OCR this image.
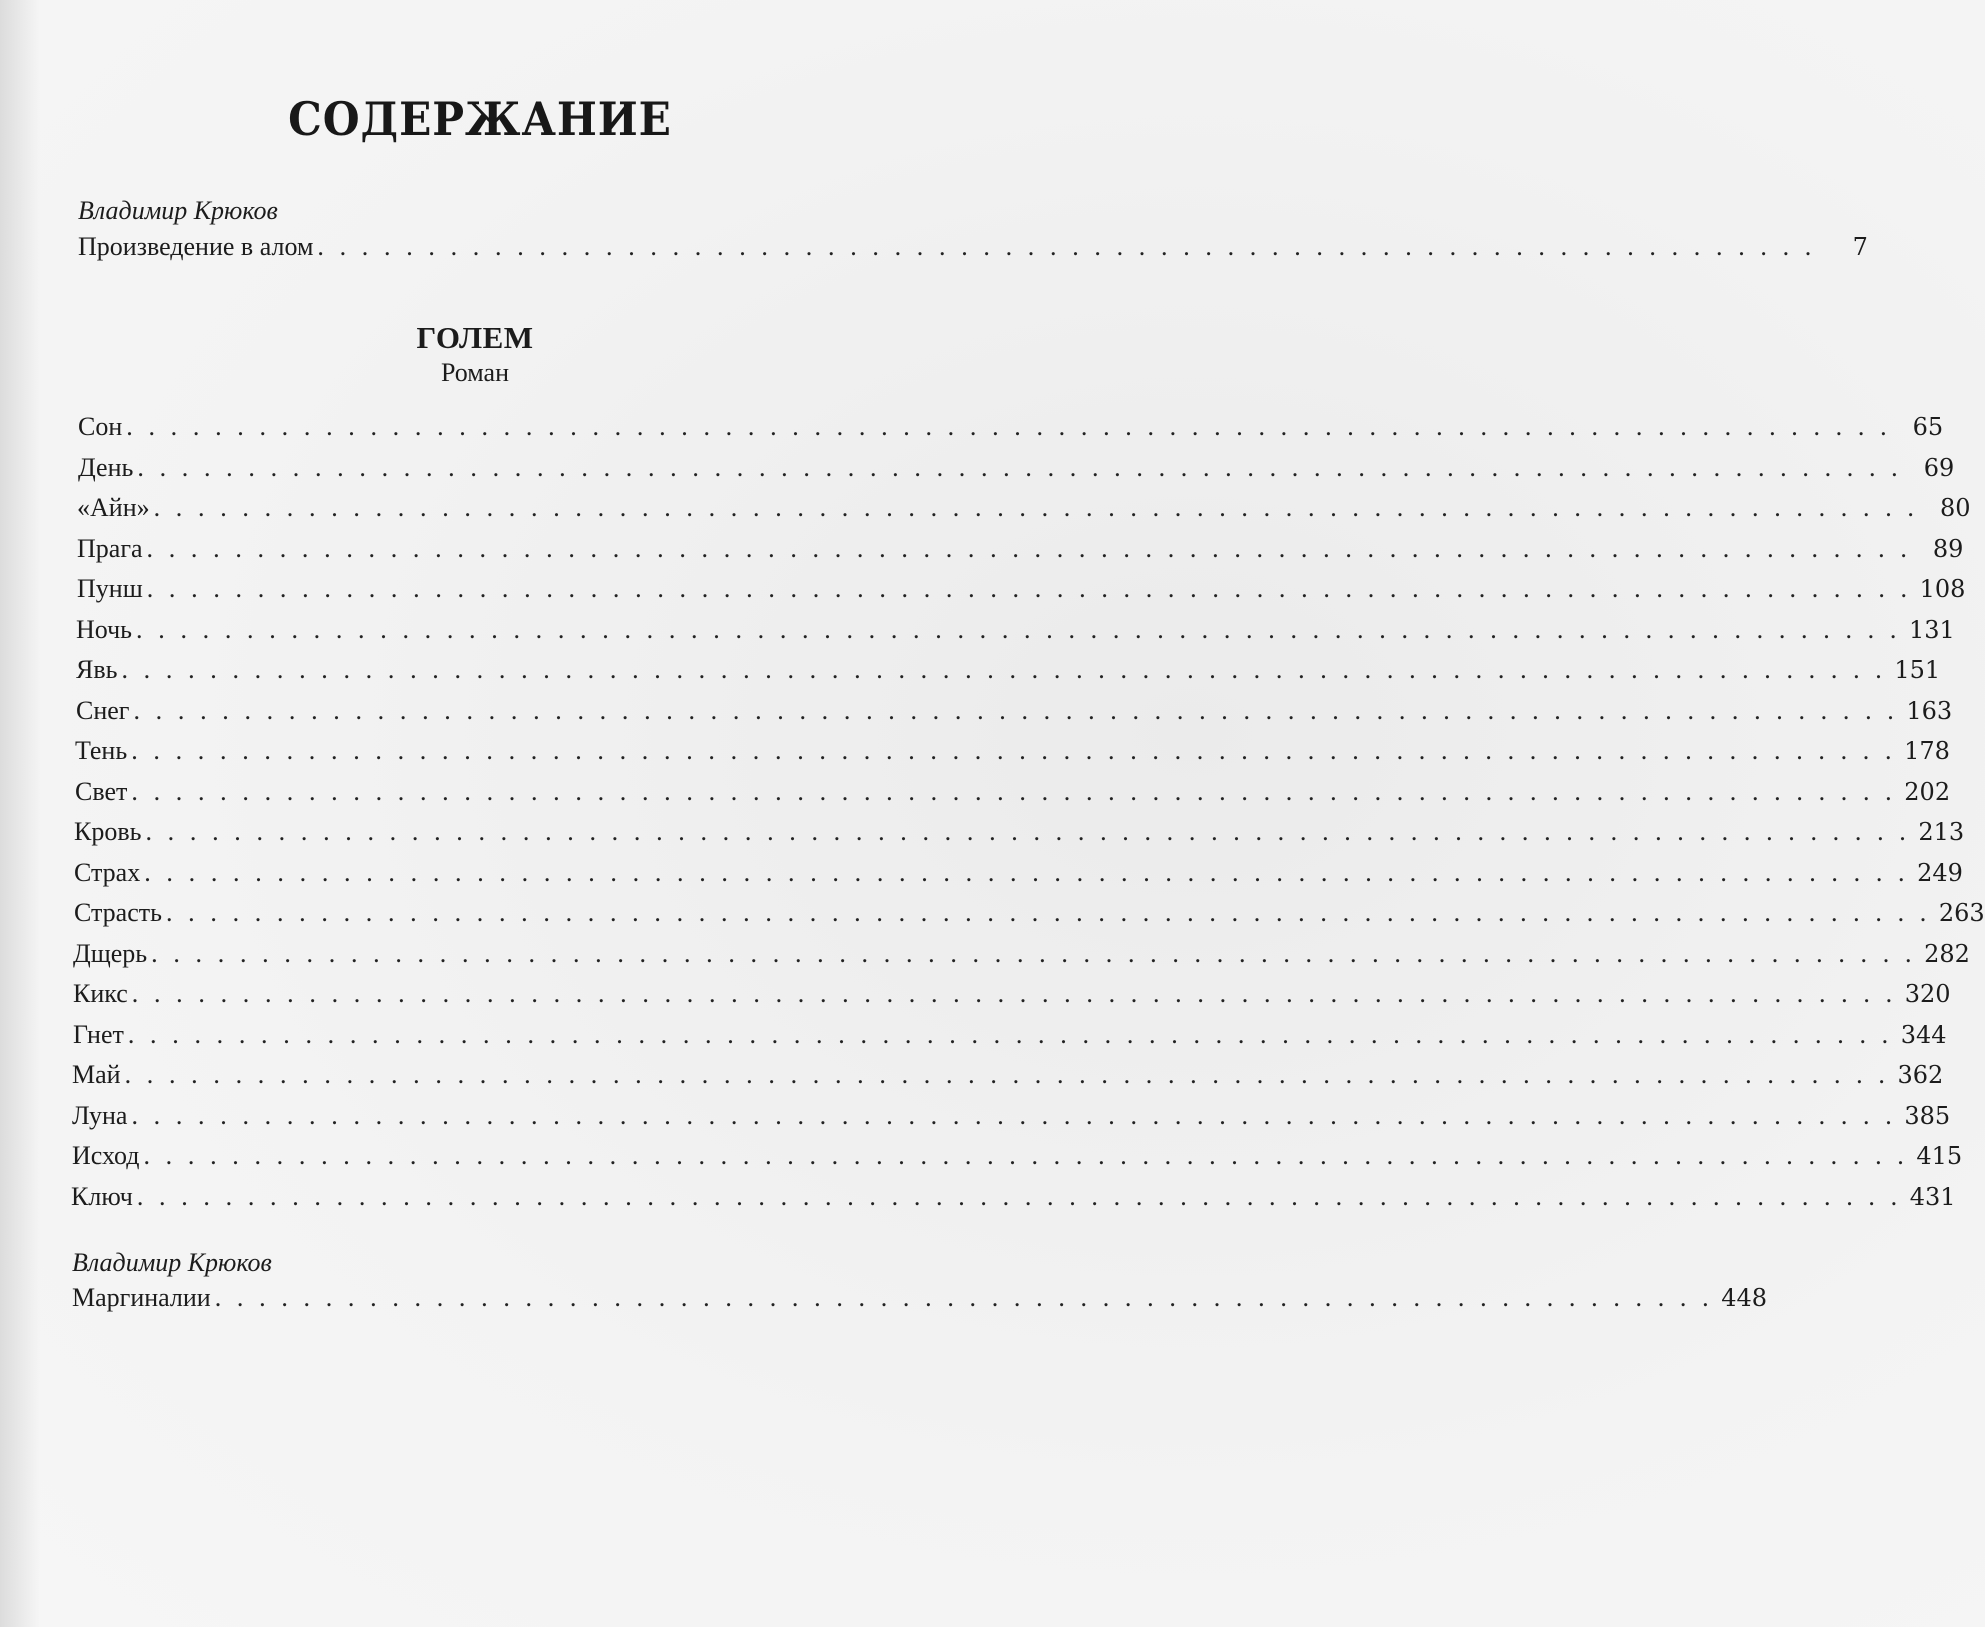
СОДЕРЖАНИЕ
Владимир Крюков
Произведение в алом . . . . . . . . . . . . . . . . . . . . . . . . . . . . . . . . . . . . . . . . . . . . . . . . . . . . . . . . . . . . . . . . . . . .	7
ГОЛЕМ
Роман
Сон . . . . . . . . . . . . . . . . . . . . . . . . . . . . . . . . . . . . . . . . . . . . . . . . . . . . . . . . . . . . . . . . . . . . . . . . . . . . . . . . 65
День . . . . . . . . . . . . . . . . . . . . . . . . . . . . . . . . . . . . . . . . . . . . . . . . . . . . . . . . . . . . . . . . . . . . . . . . . . . . . . . . 69
«Айн» . . . . . . . . . . . . . . . . . . . . . . . . . . . . . . . . . . . . . . . . . . . . . . . . . . . . . . . . . . . . . . . . . . . . . . . . . . . . . . . . 80
Прага . . . . . . . . . . . . . . . . . . . . . . . . . . . . . . . . . . . . . . . . . . . . . . . . . . . . . . . . . . . . . . . . . . . . . . . . . . . . . . . . 89
Пунш . . . . . . . . . . . . . . . . . . . . . . . . . . . . . . . . . . . . . . . . . . . . . . . . . . . . . . . . . . . . . . . . . . . . . . . . . . . . . . . . 108
Ночь . . . . . . . . . . . . . . . . . . . . . . . . . . . . . . . . . . . . . . . . . . . . . . . . . . . . . . . . . . . . . . . . . . . . . . . . . . . . . . . . 131
Явь . . . . . . . . . . . . . . . . . . . . . . . . . . . . . . . . . . . . . . . . . . . . . . . . . . . . . . . . . . . . . . . . . . . . . . . . . . . . . . . . 151
Снег . . . . . . . . . . . . . . . . . . . . . . . . . . . . . . . . . . . . . . . . . . . . . . . . . . . . . . . . . . . . . . . . . . . . . . . . . . . . . . . . 163
Тень . . . . . . . . . . . . . . . . . . . . . . . . . . . . . . . . . . . . . . . . . . . . . . . . . . . . . . . . . . . . . . . . . . . . . . . . . . . . . . . . 178
Свет . . . . . . . . . . . . . . . . . . . . . . . . . . . . . . . . . . . . . . . . . . . . . . . . . . . . . . . . . . . . . . . . . . . . . . . . . . . . . . . . 202
Кровь . . . . . . . . . . . . . . . . . . . . . . . . . . . . . . . . . . . . . . . . . . . . . . . . . . . . . . . . . . . . . . . . . . . . . . . . . . . . . . . . 213
Страх . . . . . . . . . . . . . . . . . . . . . . . . . . . . . . . . . . . . . . . . . . . . . . . . . . . . . . . . . . . . . . . . . . . . . . . . . . . . . . . . 249
Страсть . . . . . . . . . . . . . . . . . . . . . . . . . . . . . . . . . . . . . . . . . . . . . . . . . . . . . . . . . . . . . . . . . . . . . . . . . . . . . . . . 263
Дщерь . . . . . . . . . . . . . . . . . . . . . . . . . . . . . . . . . . . . . . . . . . . . . . . . . . . . . . . . . . . . . . . . . . . . . . . . . . . . . . . . 282
Кикс . . . . . . . . . . . . . . . . . . . . . . . . . . . . . . . . . . . . . . . . . . . . . . . . . . . . . . . . . . . . . . . . . . . . . . . . . . . . . . . . 320
Гнет . . . . . . . . . . . . . . . . . . . . . . . . . . . . . . . . . . . . . . . . . . . . . . . . . . . . . . . . . . . . . . . . . . . . . . . . . . . . . . . . 344
Май . . . . . . . . . . . . . . . . . . . . . . . . . . . . . . . . . . . . . . . . . . . . . . . . . . . . . . . . . . . . . . . . . . . . . . . . . . . . . . . . 362
Луна . . . . . . . . . . . . . . . . . . . . . . . . . . . . . . . . . . . . . . . . . . . . . . . . . . . . . . . . . . . . . . . . . . . . . . . . . . . . . . . . 385
Исход . . . . . . . . . . . . . . . . . . . . . . . . . . . . . . . . . . . . . . . . . . . . . . . . . . . . . . . . . . . . . . . . . . . . . . . . . . . . . . . . 415
Ключ . . . . . . . . . . . . . . . . . . . . . . . . . . . . . . . . . . . . . . . . . . . . . . . . . . . . . . . . . . . . . . . . . . . . . . . . . . . . . . . . 431
Владимир Крюков
Маргиналии . . . . . . . . . . . . . . . . . . . . . . . . . . . . . . . . . . . . . . . . . . . . . . . . . . . . . . . . . . . . . . . . . . . . 448
